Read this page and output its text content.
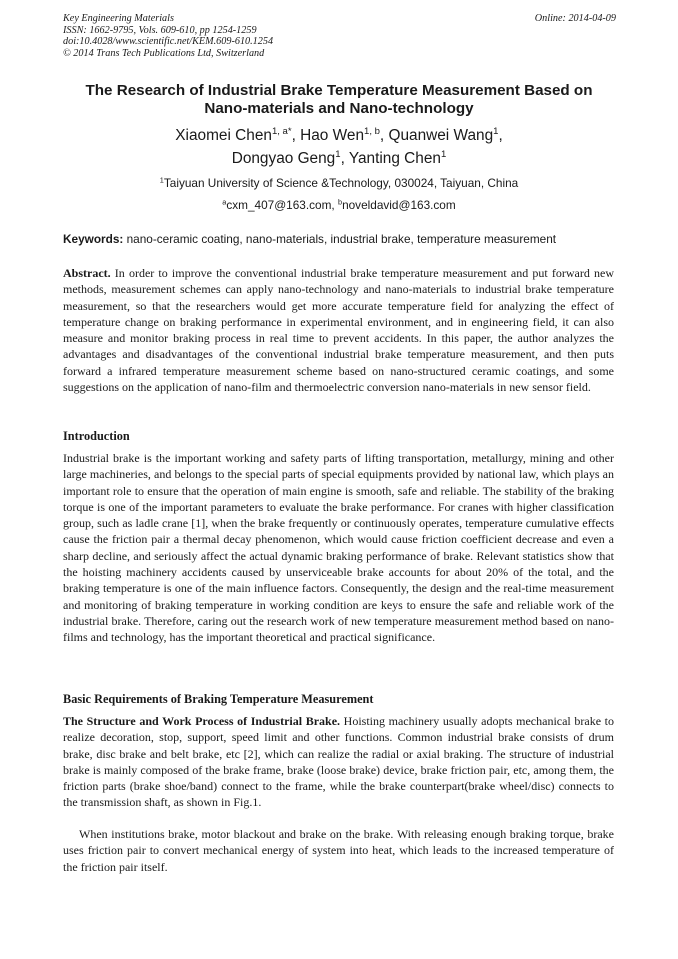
Key Engineering Materials
ISSN: 1662-9795, Vols. 609-610, pp 1254-1259
doi:10.4028/www.scientific.net/KEM.609-610.1254
© 2014 Trans Tech Publications Ltd, Switzerland
Online: 2014-04-09
The Research of Industrial Brake Temperature Measurement Based on
Nano-materials and Nano-technology
Xiaomei Chen$^{1, a*}$, Hao Wen$^{1, b}$, Quanwei Wang$^1$,
Dongyao Geng$^1$, Yanting Chen$^1$
$^1$Taiyuan University of Science &Technology, 030024, Taiyuan, China
$^a$cxm_407@163.com, $^b$noveldavid@163.com
Keywords: nano-ceramic coating, nano-materials, industrial brake, temperature measurement

Abstract. In order to improve the conventional industrial brake temperature measurement and put forward new methods, measurement schemes can apply nano-technology and nano-materials to industrial brake temperature measurement, so that the researchers would get more accurate temperature field for analyzing the effect of temperature change on braking performance in experimental environment, and in engineering field, it can also measure and monitor braking process in real time to prevent accidents. In this paper, the author analyzes the advantages and disadvantages of the conventional industrial brake temperature measurement, and then puts forward a infrared temperature measurement scheme based on nano-structured ceramic coatings, and some suggestions on the application of nano-film and thermoelectric conversion nano-materials in new sensor field.

Introduction

Industrial brake is the important working and safety parts of lifting transportation, metallurgy, mining and other large machineries, and belongs to the special parts of special equipments provided by national law, which plays an important role to ensure that the operation of main engine is smooth, safe and reliable. The stability of the braking torque is one of the important parameters to evaluate the brake performance. For cranes with higher classification group, such as ladle crane [1], when the brake frequently or continuously operates, temperature cumulative effects cause the friction pair a thermal decay phenomenon, which would cause friction coefficient decrease and even a sharp decline, and seriously affect the actual dynamic braking performance of brake. Relevant statistics show that the hoisting machinery accidents caused by unserviceable brake accounts for about 20% of the total, and the braking temperature is one of the main influence factors. Consequently, the design and the real-time measurement and monitoring of braking temperature in working condition are keys to ensure the safe and reliable work of the industrial brake. Therefore, caring out the research work of new temperature measurement method based on nano-films and technology, has the important theoretical and practical significance.

Basic Requirements of Braking Temperature Measurement

The Structure and Work Process of Industrial Brake. Hoisting machinery usually adopts mechanical brake to realize decoration, stop, support, speed limit and other functions. Common industrial brake consists of drum brake, disc brake and belt brake, etc [2], which can realize the radial or axial braking. The structure of industrial brake is mainly composed of the brake frame, brake (loose brake) device, brake friction pair, etc, among them, the friction parts (brake shoe/band) connect to the frame, while the brake counterpart(brake wheel/disc) connects to the transmission shaft, as shown in Fig.1.

When institutions brake, motor blackout and brake on the brake. With releasing enough braking torque, brake uses friction pair to convert mechanical energy of system into heat, which leads to the increased temperature of the friction pair itself.
